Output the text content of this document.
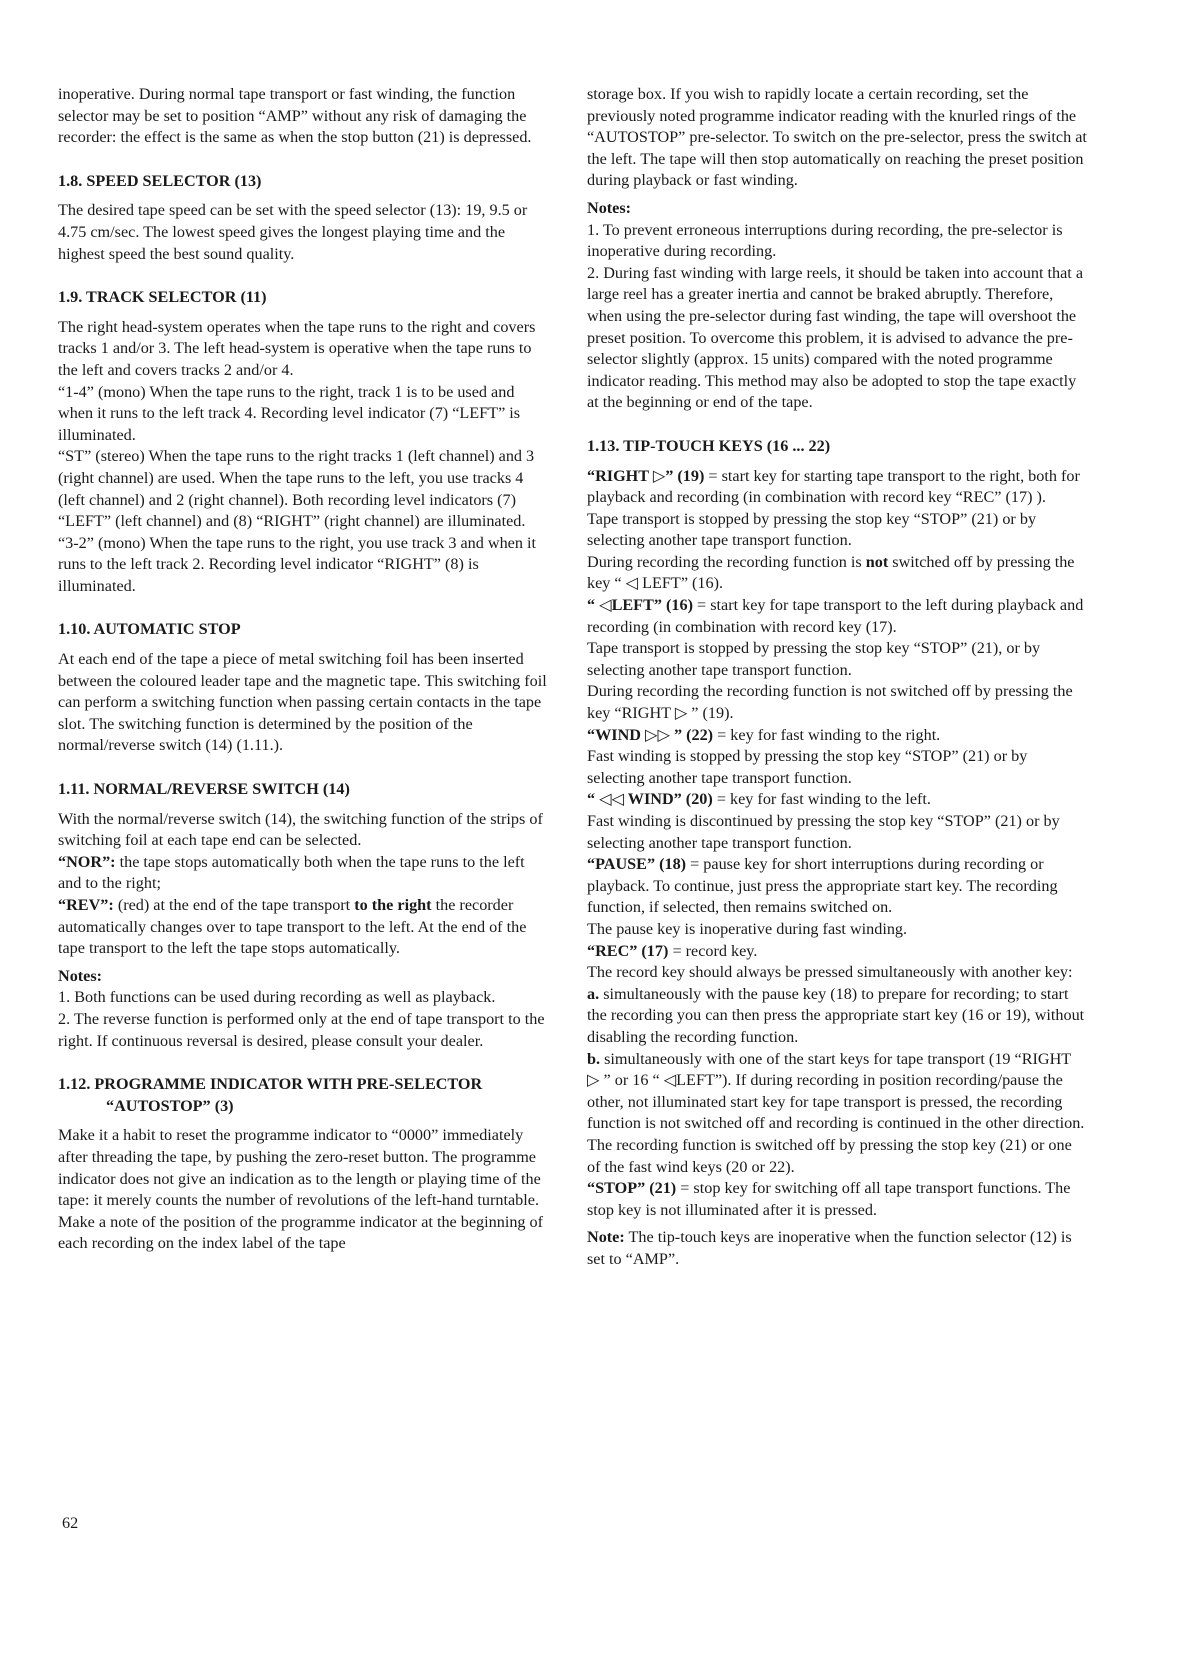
inoperative. During normal tape transport or fast winding, the function selector may be set to position “AMP” without any risk of damaging the recorder: the effect is the same as when the stop button (21) is depressed.

1.8. SPEED SELECTOR (13)

The desired tape speed can be set with the speed selector (13): 19, 9.5 or 4.75 cm/sec. The lowest speed gives the longest playing time and the highest speed the best sound quality.

1.9. TRACK SELECTOR (11)

The right head-system operates when the tape runs to the right and covers tracks 1 and/or 3. The left head-system is operative when the tape runs to the left and covers tracks 2 and/or 4.

“1-4” (mono) When the tape runs to the right, track 1 is to be used and when it runs to the left track 4. Recording level indicator (7) “LEFT” is illuminated.

“ST” (stereo) When the tape runs to the right tracks 1 (left channel) and 3 (right channel) are used. When the tape runs to the left, you use tracks 4 (left channel) and 2 (right channel). Both recording level indicators (7) “LEFT” (left channel) and (8) “RIGHT” (right channel) are illuminated.

“3-2” (mono) When the tape runs to the right, you use track 3 and when it runs to the left track 2. Recording level indicator “RIGHT” (8) is illuminated.

1.10. AUTOMATIC STOP

At each end of the tape a piece of metal switching foil has been inserted between the coloured leader tape and the magnetic tape. This switching foil can perform a switching function when passing certain contacts in the tape slot. The switching function is determined by the position of the normal/reverse switch (14) (1.11.).

1.11. NORMAL/REVERSE SWITCH (14)

With the normal/reverse switch (14), the switching function of the strips of switching foil at each tape end can be selected.

“NOR”: the tape stops automatically both when the tape runs to the left and to the right;

“REV”: (red) at the end of the tape transport to the right the recorder automatically changes over to tape transport to the left. At the end of the tape transport to the left the tape stops automatically.

Notes:

1. Both functions can be used during recording as well as playback.

2. The reverse function is performed only at the end of tape transport to the right. If continuous reversal is desired, please consult your dealer.

1.12. PROGRAMME INDICATOR WITH PRE-SELECTOR “AUTOSTOP” (3)

Make it a habit to reset the programme indicator to “0000” immediately after threading the tape, by pushing the zero-reset button. The programme indicator does not give an indication as to the length or playing time of the tape: it merely counts the number of revolutions of the left-hand turntable.

Make a note of the position of the programme indicator at the beginning of each recording on the index label of the tape

storage box. If you wish to rapidly locate a certain recording, set the previously noted programme indicator reading with the knurled rings of the “AUTOSTOP” pre-selector. To switch on the pre-selector, press the switch at the left. The tape will then stop automatically on reaching the preset position during playback or fast winding.

Notes:

1. To prevent erroneous interruptions during recording, the pre-selector is inoperative during recording.

2. During fast winding with large reels, it should be taken into account that a large reel has a greater inertia and cannot be braked abruptly. Therefore, when using the pre-selector during fast winding, the tape will overshoot the preset position. To overcome this problem, it is advised to advance the pre-selector slightly (approx. 15 units) compared with the noted programme indicator reading. This method may also be adopted to stop the tape exactly at the beginning or end of the tape.

1.13. TIP-TOUCH KEYS (16 ... 22)

“RIGHT ▷” (19) = start key for starting tape transport to the right, both for playback and recording (in combination with record key “REC” (17) ).

Tape transport is stopped by pressing the stop key “STOP” (21) or by selecting another tape transport function.

During recording the recording function is not switched off by pressing the key “ ◁ LEFT” (16).

“ ◁LEFT” (16) = start key for tape transport to the left during playback and recording (in combination with record key (17).

Tape transport is stopped by pressing the stop key “STOP” (21), or by selecting another tape transport function.

During recording the recording function is not switched off by pressing the key “RIGHT ▷ ” (19).

“WIND ▷▷ ” (22) = key for fast winding to the right.

Fast winding is stopped by pressing the stop key “STOP” (21) or by selecting another tape transport function.

“ ◁◁ WIND” (20) = key for fast winding to the left.

Fast winding is discontinued by pressing the stop key “STOP” (21) or by selecting another tape transport function.

“PAUSE” (18) = pause key for short interruptions during recording or playback. To continue, just press the appropriate start key. The recording function, if selected, then remains switched on.

The pause key is inoperative during fast winding.

“REC” (17) = record key.

The record key should always be pressed simultaneously with another key:

a. simultaneously with the pause key (18) to prepare for recording; to start the recording you can then press the appropriate start key (16 or 19), without disabling the recording function.

b. simultaneously with one of the start keys for tape transport (19 “RIGHT ▷ ” or 16 “ ◁LEFT”). If during recording in position recording/pause the other, not illuminated start key for tape transport is pressed, the recording function is not switched off and recording is continued in the other direction.

The recording function is switched off by pressing the stop key (21) or one of the fast wind keys (20 or 22).

“STOP” (21) = stop key for switching off all tape transport functions. The stop key is not illuminated after it is pressed.

Note: The tip-touch keys are inoperative when the function selector (12) is set to “AMP”.

62
